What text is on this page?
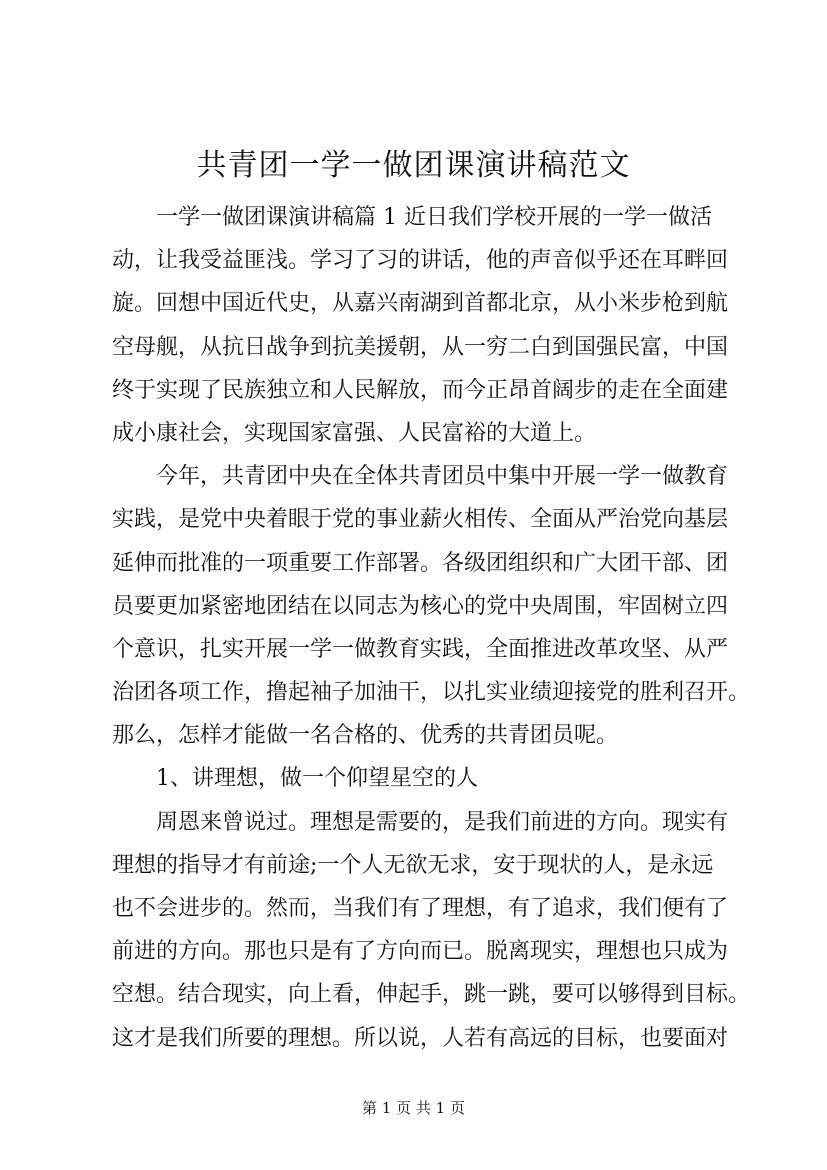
共青团一学一做团课演讲稿范文
　　一学一做团课演讲稿篇 1 近日我们学校开展的一学一做活
动，让我受益匪浅。学习了习的讲话，他的声音似乎还在耳畔回
旋。回想中国近代史，从嘉兴南湖到首都北京，从小米步枪到航
空母舰，从抗日战争到抗美援朝，从一穷二白到国强民富，中国
终于实现了民族独立和人民解放，而今正昂首阔步的走在全面建
成小康社会，实现国家富强、人民富裕的大道上。
　　今年，共青团中央在全体共青团员中集中开展一学一做教育
实践，是党中央着眼于党的事业薪火相传、全面从严治党向基层
延伸而批准的一项重要工作部署。各级团组织和广大团干部、团
员要更加紧密地团结在以同志为核心的党中央周围，牢固树立四
个意识，扎实开展一学一做教育实践，全面推进改革攻坚、从严
治团各项工作，撸起袖子加油干，以扎实业绩迎接党的胜利召开。
那么，怎样才能做一名合格的、优秀的共青团员呢。
　　1、讲理想，做一个仰望星空的人
　　周恩来曾说过。理想是需要的，是我们前进的方向。现实有
理想的指导才有前途;一个人无欲无求，安于现状的人，是永远
也不会进步的。然而，当我们有了理想，有了追求，我们便有了
前进的方向。那也只是有了方向而已。脱离现实，理想也只成为
空想。结合现实，向上看，伸起手，跳一跳，要可以够得到目标。
这才是我们所要的理想。所以说，人若有高远的目标，也要面对
第 1 页 共 1 页
